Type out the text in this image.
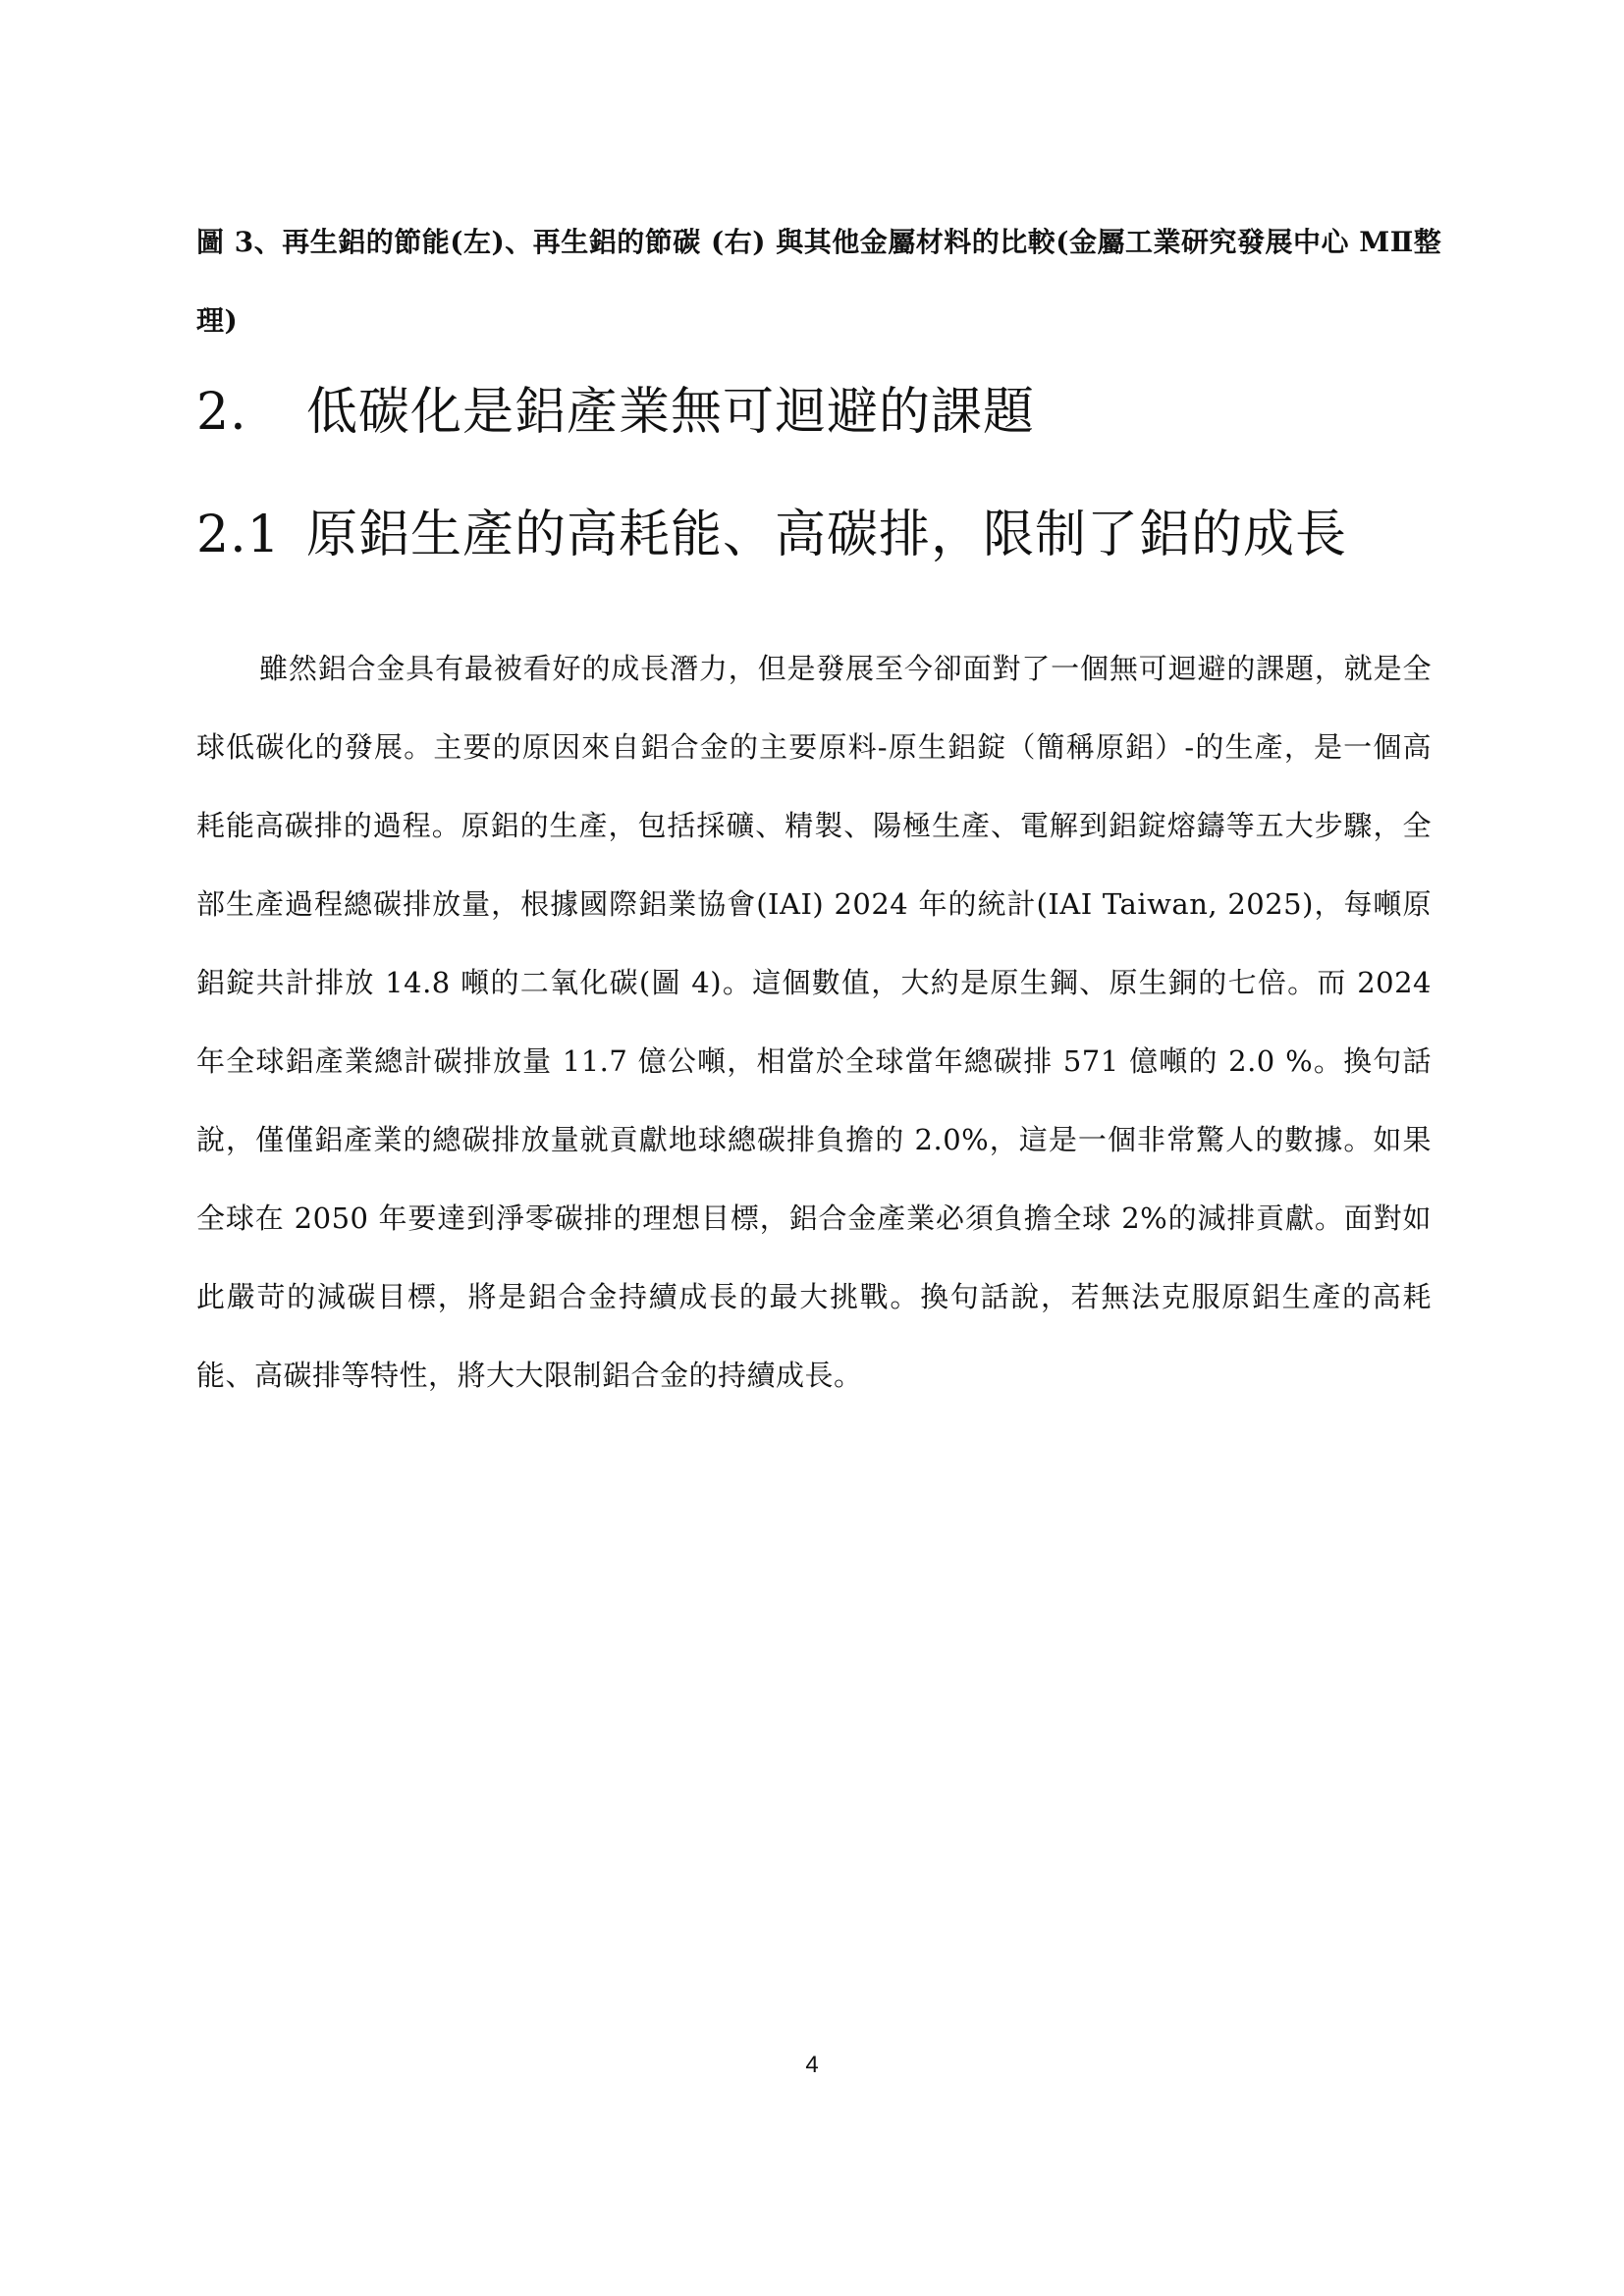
圖 3、再生鋁的節能(左)、再生鋁的節碳 (右) 與其他金屬材料的比較(金屬工業研究發展中心 MⅡ整理)
2. 低碳化是鋁產業無可迴避的課題
2.1 原鋁生產的高耗能、高碳排，限制了鋁的成長

雖然鋁合金具有最被看好的成長潛力，但是發展至今卻面對了一個無可迴避的課題，就是全球低碳化的發展。主要的原因來自鋁合金的主要原料-原生鋁錠（簡稱原鋁）-的生產，是一個高耗能高碳排的過程。原鋁的生產，包括採礦、精製、陽極生產、電解到鋁錠熔鑄等五大步驟，全部生產過程總碳排放量，根據國際鋁業協會(IAI) 2024 年的統計(IAI Taiwan, 2025)，每噸原鋁錠共計排放 14.8 噸的二氧化碳(圖 4)。這個數值，大約是原生鋼、原生銅的七倍。而 2024 年全球鋁產業總計碳排放量 11.7 億公噸，相當於全球當年總碳排 571 億噸的 2.0 %。換句話說，僅僅鋁產業的總碳排放量就貢獻地球總碳排負擔的 2.0%，這是一個非常驚人的數據。如果全球在 2050 年要達到淨零碳排的理想目標，鋁合金產業必須負擔全球 2%的減排貢獻。面對如此嚴苛的減碳目標，將是鋁合金持續成長的最大挑戰。換句話說，若無法克服原鋁生產的高耗能、高碳排等特性，將大大限制鋁合金的持續成長。

4
